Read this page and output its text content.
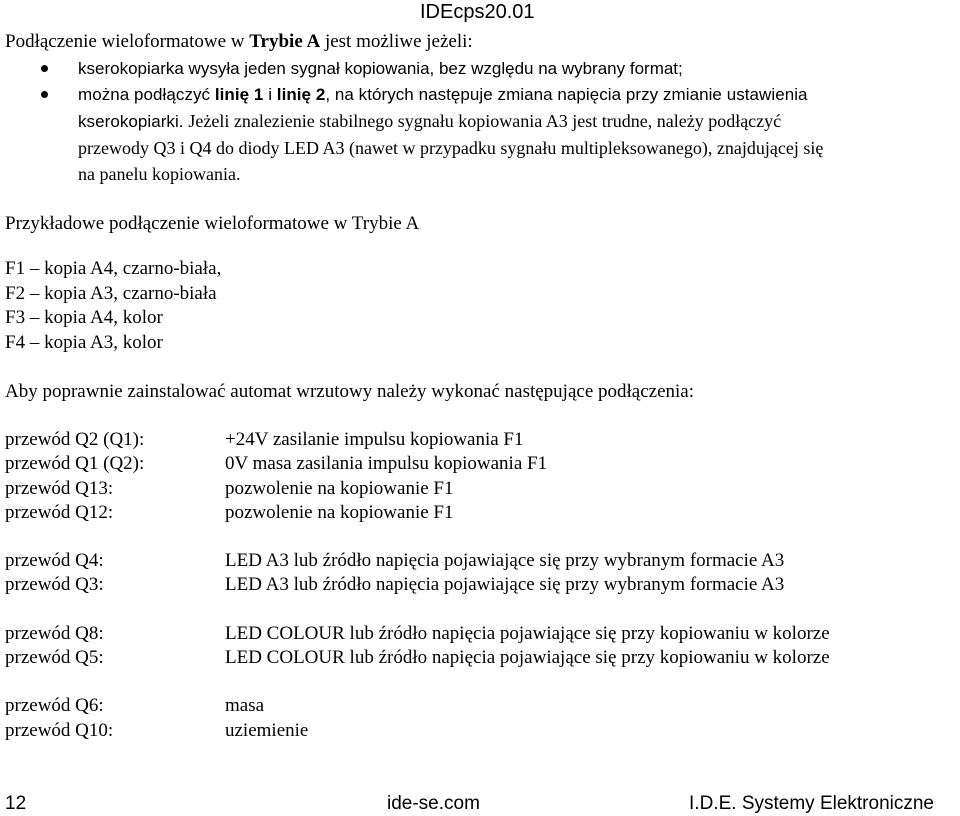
IDEcps20.01
Podłączenie wieloformatowe w Trybie A jest możliwe jeżeli:
kserokopiarka wysyła jeden sygnał kopiowania, bez względu na wybrany format;
można podłączyć linię 1 i linię 2, na których następuje zmiana napięcia przy zmianie ustawienia
kserokopiarki. Jeżeli znalezienie stabilnego sygnału kopiowania A3 jest trudne, należy podłączyć
przewody Q3 i Q4 do diody LED A3 (nawet w przypadku sygnału multipleksowanego), znajdującej się
na panelu kopiowania.
Przykładowe podłączenie wieloformatowe w Trybie A
F1 – kopia A4, czarno-biała,
F2 – kopia A3, czarno-biała
F3 – kopia A4, kolor
F4 – kopia A3, kolor
Aby poprawnie zainstalować automat wrzutowy należy wykonać następujące podłączenia:
przewód Q2 (Q1):	+24V zasilanie impulsu kopiowania F1
przewód Q1 (Q2):	0V masa zasilania impulsu kopiowania F1
przewód Q13:	pozwolenie na kopiowanie F1
przewód Q12:	pozwolenie na kopiowanie F1
przewód Q4:	LED A3 lub źródło napięcia pojawiające się przy wybranym formacie A3
przewód Q3:	LED A3 lub źródło napięcia pojawiające się przy wybranym formacie A3
przewód Q8:	LED COLOUR lub źródło napięcia pojawiające się przy kopiowaniu w kolorze
przewód Q5:	LED COLOUR lub źródło napięcia pojawiające się przy kopiowaniu w kolorze
przewód Q6:	masa
przewód Q10:	uziemienie
12	ide-se.com	I.D.E. Systemy Elektroniczne
